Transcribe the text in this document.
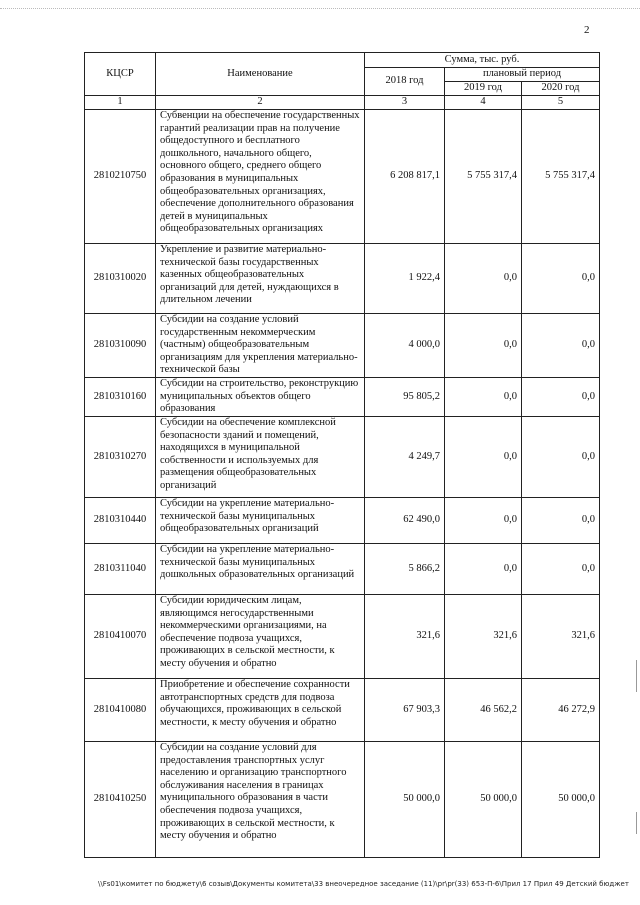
2
КЦСР	Наименование	Сумма, тыс. руб.		
		2018 год	плановый период	
			2019 год	2020 год
1	2	3	4	5
2810210750	Субвенции на обеспечение государственных гарантий реализации прав на получение общедоступного и бесплатного дошкольного, начального общего, основного общего, среднего общего образования в муниципальных общеобразовательных организациях, обеспечение дополнительного образования детей в муниципальных общеобразовательных организациях	6 208 817,1	5 755 317,4	5 755 317,4
2810310020	Укрепление и развитие материально-технической базы государственных казенных общеобразовательных организаций для детей, нуждающихся в длительном лечении	1 922,4	0,0	0,0
2810310090	Субсидии на создание условий государственным некоммерческим (частным) общеобразовательным организациям для укрепления материально-технической базы	4 000,0	0,0	0,0
2810310160	Субсидии на строительство, реконструкцию муниципальных объектов общего образования	95 805,2	0,0	0,0
2810310270	Субсидии на обеспечение комплексной безопасности зданий и помещений, находящихся в муниципальной собственности и используемых для размещения общеобразовательных организаций	4 249,7	0,0	0,0
2810310440	Субсидии на укрепление материально-технической базы муниципальных общеобразовательных организаций	62 490,0	0,0	0,0
2810311040	Субсидии на укрепление материально-технической базы муниципальных дошкольных образовательных организаций	5 866,2	0,0	0,0
2810410070	Субсидии юридическим лицам, являющимся негосударственными некоммерческими организациями, на обеспечение подвоза учащихся, проживающих в сельской местности, к месту обучения и обратно	321,6	321,6	321,6
2810410080	Приобретение и обеспечение сохранности автотранспортных средств для подвоза обучающихся, проживающих в сельской местности, к месту обучения и обратно	67 903,3	46 562,2	46 272,9
2810410250	Субсидии на создание условий для предоставления транспортных услуг населению и организацию транспортного обслуживания населения в границах муниципального образования в части обеспечения подвоза учащихся, проживающих в сельской местности, к месту обучения и обратно	50 000,0	50 000,0	50 000,0
\\Fs01\комитет по бюджету\6 созыв\Документы комитета\33 внеочередное заседание (11)\pr\pr(33) 653-П-6\Прил 17 Прил 49 Детский бюджет
